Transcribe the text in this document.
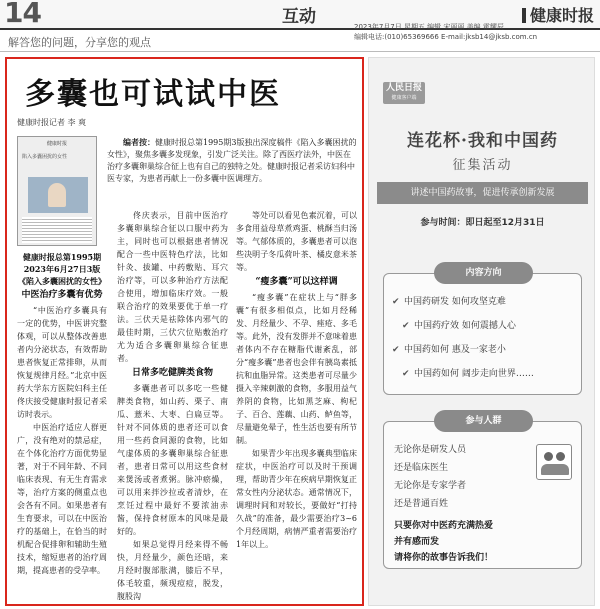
14	互动	健康时报
解答您的问题，分享您的观点
2023年7月7日 星期五 编辑 宋丽丽 美编 霍耀辰
编辑电话:(010)65369666 E-mail:jksb14@jksb.com.cn
多囊也可试试中医
健康时报记者 李 爽
健康时报
陷入多囊困扰的女性
编者按：健康时报总第1995期3版独出深度稿件《陷入多囊困扰的女性》，聚焦多囊多发现象，引发广泛关注。除了西医疗法外，中医在治疗多囊卵巢综合征上也有自己的独特之处。健康时报记者采访妇科中医专家，为患者再献上一份多囊中医调理方。
健康时报总第1995期2023年6月27日3版《陷入多囊困扰的女性》
中医治疗多囊有优势

“中医治疗多囊具有一定的优势，中医讲究整体观，可以从整体改善患者内分泌状态，有效帮助患者恢复正常排卵，从而恢复规律月经。”北京中医药大学东方医院妇科主任佟庆接受健康时报记者采访时表示。

中医治疗适应人群更广，没有绝对的禁忌症，在个体化治疗方面优势显著，对于不同年龄、不同临床表现、有无生育需求等，治疗方案的侧重点也会各有不同。如果患者有生育要求，可以在中医治疗的基础上，在恰当的时机配合促排卵和辅助生殖技术，缩短患者的治疗周期，提高患者的受孕率。

佟庆表示，目前中医治疗多囊卵巢综合征以口服中药为主，同时也可以根据患者情况配合一些中医特色疗法，比如针灸、拔罐、中药敷贴、耳穴治疗等，可以多种治疗方法配合使用，增加临床疗效。一般联合治疗的效果要优于单一疗法。三伏天是祛除体内邪气的最佳时期，三伏穴位贴敷治疗尤为适合多囊卵巢综合征患者。

日常多吃健脾类食物

多囊患者可以多吃一些健脾类食物，如山药、栗子、南瓜、薏米、大枣、白扁豆等。针对不同体质的患者还可以食用一些药食同源的食物，比如气虚体质的多囊卵巢综合征患者，患者日常可以用这些食材来煲汤或者煮粥。脉冲瘀燥，可以用来拌沙拉或者清炒，在烹饪过程中最好不要浓油赤酱，保持食材原本的风味是最好的。

如果总觉得月经来得不畅快，月经量少，颜色还暗，来月经时腹部胀满，膝后不早，体毛较重，频现痘痘，脱发，腹股沟

等处可以看见色素沉着，可以多食用益母草煮鸡蛋、桃酥当归汤等。气郁体质的，多囊患者可以泡些决明子冬瓜荷叶茶、橘皮意米茶等。

“瘦多囊”可以这样调

“瘦多囊”在症状上与“胖多囊”有很多相似点，比如月经稀发、月经量少、不孕、痤疮、多毛等。此外，没有发胖并不意味着患者体内不存在糖脂代谢紊乱，部分“瘦多囊”患者也会伴有胰岛素抵抗和血脂异常。这类患者可尽量少摄入辛辣刺激的食物，多服用益气养阴的食物，比如黑芝麻、枸杞子、百合、莲藕、山药、鲈鱼等，尽量避免晕子，性生活也要有所节制。

如果青少年出现多囊典型临床症状，中医治疗可以及时干预调理，帮助青少年在疾病早期恢复正常女性内分泌状态。通常情况下，调理时间和对较长，要做好“打持久战”的准备，最少需要治疗3~6个月经周期，病情严重者需要治疗1年以上。

人民日报
健康客户端
连花杯·我和中国药
征集活动
讲述中国药故事，促进传承创新发展
参与时间：即日起至12月31日
内容方向
✔ 中国药研发 如何攻坚克难
✔ 中国药疗效 如何震撼人心
✔ 中国药如何 惠及一家老小
✔ 中国药如何 阔步走向世界……
参与人群
无论你是研发人员
还是临床医生
无论你是专家学者
还是普通百姓
只要你对中医药充满热爱
并有感而发
请将你的故事告诉我们！
